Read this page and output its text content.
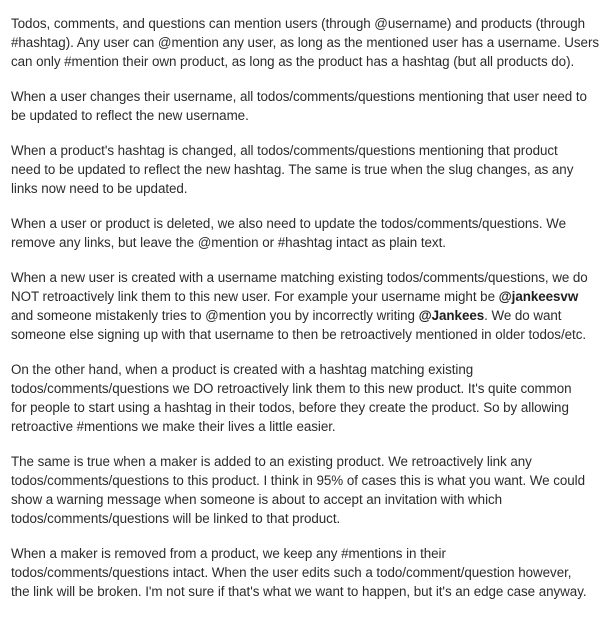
Todos, comments, and questions can mention users (through @username) and products (through
#hashtag). Any user can @mention any user, as long as the mentioned user has a username. Users
can only #mention their own product, as long as the product has a hashtag (but all products do).

When a user changes their username, all todos/comments/questions mentioning that user need to
be updated to reflect the new username.

When a product's hashtag is changed, all todos/comments/questions mentioning that product
need to be updated to reflect the new hashtag. The same is true when the slug changes, as any
links now need to be updated.

When a user or product is deleted, we also need to update the todos/comments/questions. We
remove any links, but leave the @mention or #hashtag intact as plain text.

When a new user is created with a username matching existing todos/comments/questions, we do
NOT retroactively link them to this new user. For example your username might be @jankeesvw
and someone mistakenly tries to @mention you by incorrectly writing @Jankees. We do want
someone else signing up with that username to then be retroactively mentioned in older todos/etc.

On the other hand, when a product is created with a hashtag matching existing
todos/comments/questions we DO retroactively link them to this new product. It's quite common
for people to start using a hashtag in their todos, before they create the product. So by allowing
retroactive #mentions we make their lives a little easier.

The same is true when a maker is added to an existing product. We retroactively link any
todos/comments/questions to this product. I think in 95% of cases this is what you want. We could
show a warning message when someone is about to accept an invitation with which
todos/comments/questions will be linked to that product.

When a maker is removed from a product, we keep any #mentions in their
todos/comments/questions intact. When the user edits such a todo/comment/question however,
the link will be broken. I'm not sure if that's what we want to happen, but it's an edge case anyway.
